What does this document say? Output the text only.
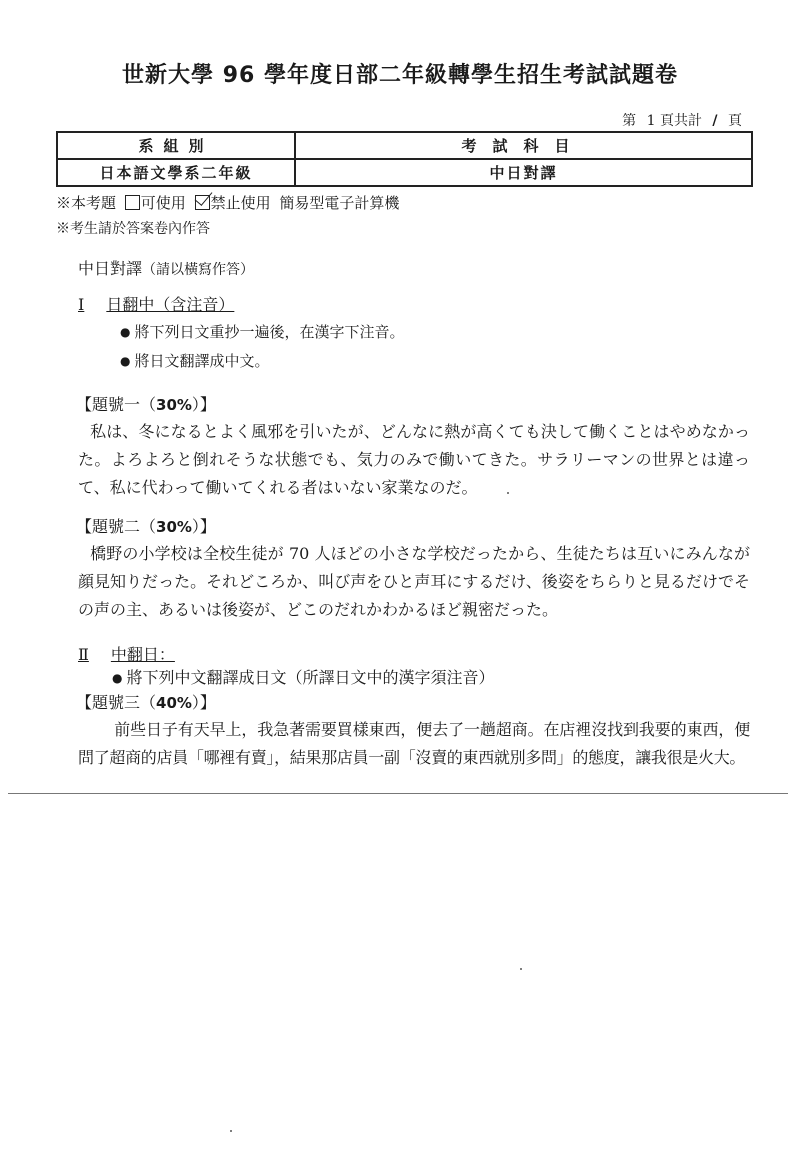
世新大學 96 學年度日部二年級轉學生招生考試試題卷
第 1 頁共計 / 頁
系組別	考試科目
日本語文學系二年級	中日對譯
※本考題 可使用 禁止使用 簡易型電子計算機
※考生請於答案卷內作答
中日對譯（請以橫寫作答）
Ⅰ 日翻中（含注音）
● 將下列日文重抄一遍後，在漢字下注音。
● 將日文翻譯成中文。
【題號一（30%）】
私は、冬になるとよく風邪を引いたが、どんなに熱が高くても決して働くことはやめなかった。よろよろと倒れそうな状態でも、気力のみで働いてきた。サラリーマンの世界とは違って、私に代わって働いてくれる者はいない家業なのだ。
【題號二（30%）】
橋野の小学校は全校生徒が 70 人ほどの小さな学校だったから、生徒たちは互いにみんなが顔見知りだった。それどころか、叫び声をひと声耳にするだけ、後姿をちらりと見るだけでその声の主、あるいは後姿が、どこのだれかわかるほど親密だった。
Ⅱ 中翻日：
● 將下列中文翻譯成日文（所譯日文中的漢字須注音）
【題號三（40%）】
前些日子有天早上，我急著需要買樣東西，便去了一趟超商。在店裡沒找到我要的東西，便問了超商的店員「哪裡有賣」，結果那店員一副「沒賣的東西就別多問」的態度，讓我很是火大。
